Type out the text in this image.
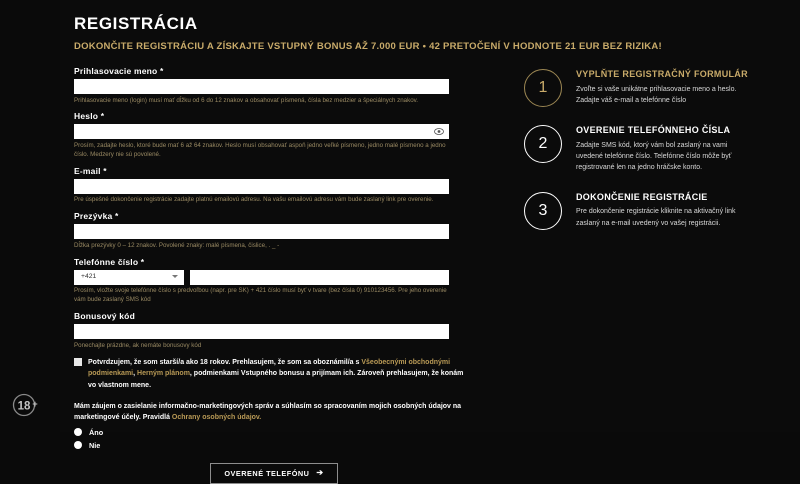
REGISTRÁCIA
DOKONČITE REGISTRÁCIU A ZÍSKAJTE VSTUPNÝ BONUS AŽ 7.000 EUR • 42 PRETOČENÍ V HODNOTE 21 EUR BEZ RIZIKA!
Prihlasovacie meno *
Prihlasovacie meno (login) musí mať dĺžku od 6 do 12 znakov a obsahovať písmená, čísla bez medzier a špeciálnych znakov.
Heslo *
Prosím, zadajte heslo, ktoré bude mať 6 až 64 znakov. Heslo musí obsahovať aspoň jedno veľké písmeno, jedno malé písmeno a jedno číslo. Medzery nie sú povolené.
E-mail *
Pre úspešné dokončenie registrácie zadajte platnú emailovú adresu. Na vašu emailovú adresu vám bude zaslaný link pre overenie.
Prezývka *
Dĺžka prezývky 0 – 12 znakov. Povolené znaky: malé písmena, čislice, . _ -
Telefónne číslo *
+421
Prosím, vložte svoje telefónne číslo s predvoľbou (napr. pre SK) + 421 číslo musí byť v tvare (bez čísla 0) 910123456. Pre jeho overenie vám bude zaslaný SMS kód
Bonusový kód
Ponechajte prázdne, ak nemáte bonusovy kód
Potvrdzujem, že som starší/a ako 18 rokov. Prehlasujem, že som sa oboznámil/a s Všeobecnými obchodnými podmienkami, Herným plánom, podmienkami Vstupného bonusu a prijímam ich. Zároveň prehlasujem, že konám vo vlastnom mene.
Mám záujem o zasielanie informačno-marketingových správ a súhlasím so spracovaním mojich osobných údajov na marketingové účely. Pravidlá Ochrany osobných údajov.
Áno
Nie
OVERENÉ TELEFÓNU ➔
1
VYPLŇTE REGISTRAČNÝ FORMULÁR
Zvoľte si vaše unikátne prihlasovacie meno a heslo. Zadajte váš e-mail a telefónne číslo
2
OVERENIE TELEFÓNNEHO ČÍSLA
Zadajte SMS kód, ktorý vám bol zaslaný na vami uvedené telefónne číslo. Telefónne číslo môže byť registrované len na jedno hráčske konto.
3
DOKONČENIE REGISTRÁCIE
Pre dokončenie registrácie kliknite na aktivačný link zaslaný na e-mail uvedený vo vašej registrácii.
18 +
